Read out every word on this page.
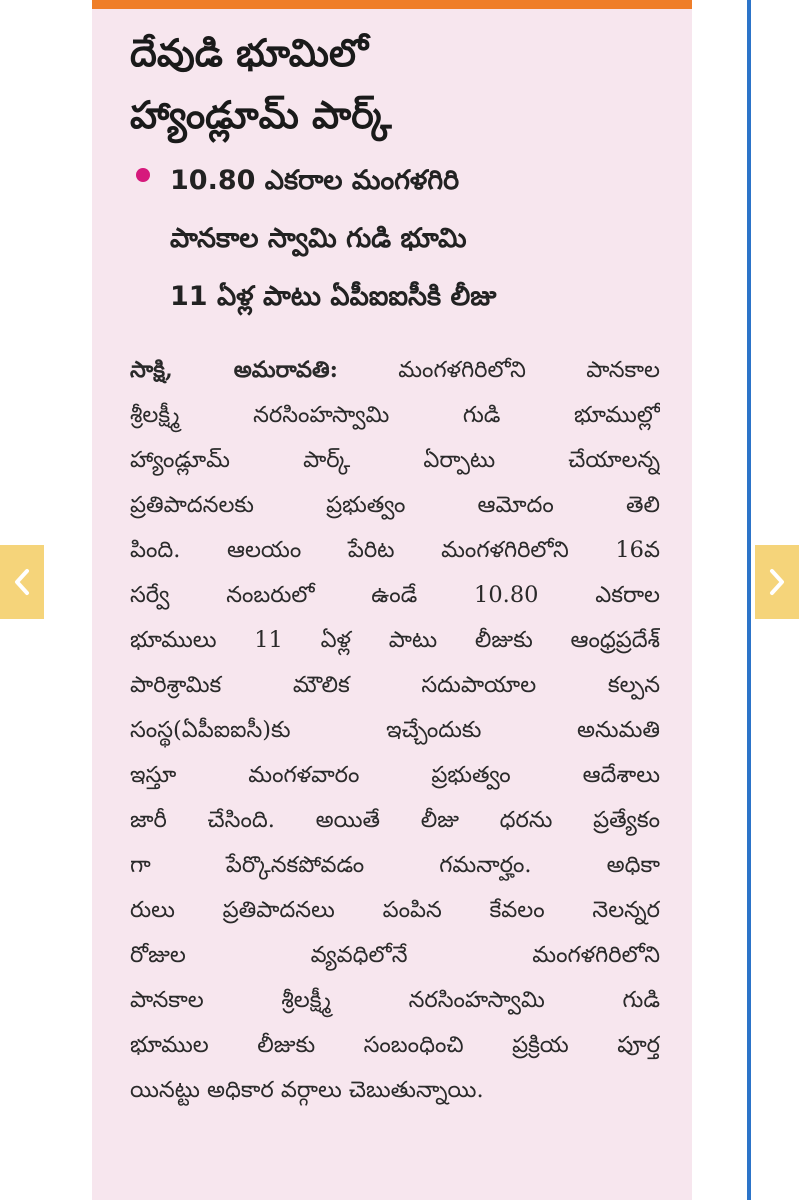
దేవుడి భూమిలో
హ్యాండ్లూమ్ పార్క్
10.80 ఎకరాల మంగళగిరి
పానకాల స్వామి గుడి భూమి
11 ఏళ్ల పాటు ఏపీఐఐసీకి లీజు
సాక్షి, అమరావతి: మంగళగిరిలోని పానకాల
శ్రీలక్ష్మీ నరసింహస్వామి గుడి భూముల్లో
హ్యాండ్లూమ్ పార్క్ ఏర్పాటు చేయాలన్న
ప్రతిపాదనలకు ప్రభుత్వం ఆమోదం తెలి
పింది. ఆలయం పేరిట మంగళగిరిలోని 16వ
సర్వే నంబరులో ఉండే 10.80 ఎకరాల
భూములు 11 ఏళ్ల పాటు లీజుకు ఆంధ్రప్రదేశ్
పారిశ్రామిక మౌలిక సదుపాయాల కల్పన
సంస్థ(ఏపీఐఐసీ)కు ఇచ్చేందుకు అనుమతి
ఇస్తూ మంగళవారం ప్రభుత్వం ఆదేశాలు
జారీ చేసింది. అయితే లీజు ధరను ప్రత్యేకం
గా పేర్కొనకపోవడం గమనార్హం. అధికా
రులు ప్రతిపాదనలు పంపిన కేవలం నెలన్నర
రోజుల వ్యవధిలోనే మంగళగిరిలోని
పానకాల శ్రీలక్ష్మీ నరసింహస్వామి గుడి
భూముల లీజుకు సంబంధించి ప్రక్రియ పూర్త
యినట్టు అధికార వర్గాలు చెబుతున్నాయి.
